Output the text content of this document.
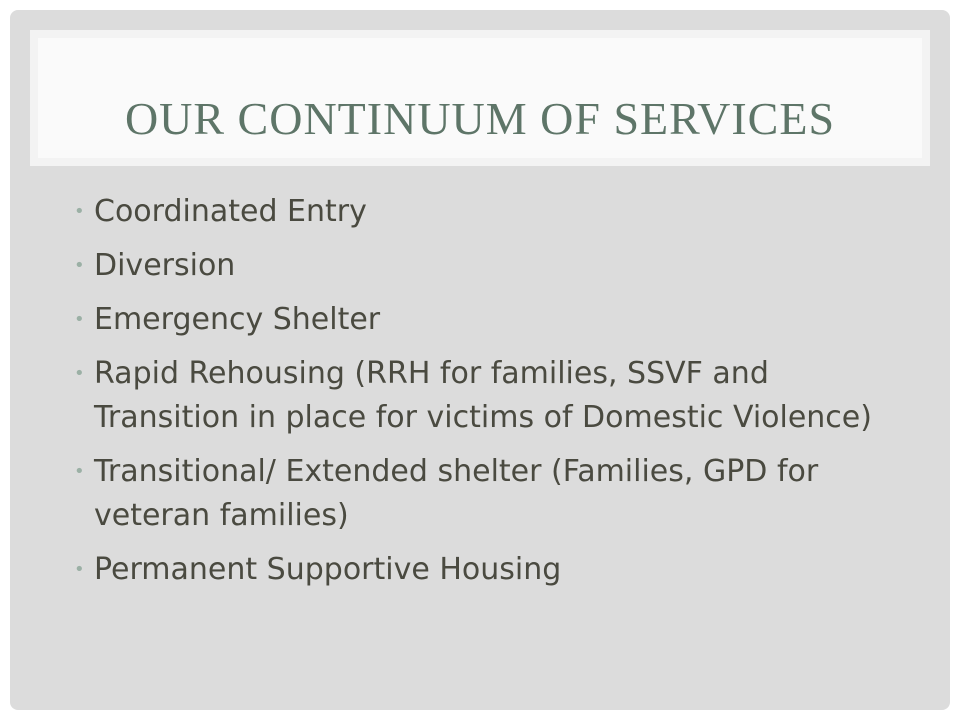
OUR CONTINUUM OF SERVICES
• Coordinated Entry
• Diversion
• Emergency Shelter
• Rapid Rehousing (RRH for families, SSVF and Transition in place for victims of Domestic Violence)
• Transitional/ Extended shelter (Families, GPD for veteran families)
• Permanent Supportive Housing
